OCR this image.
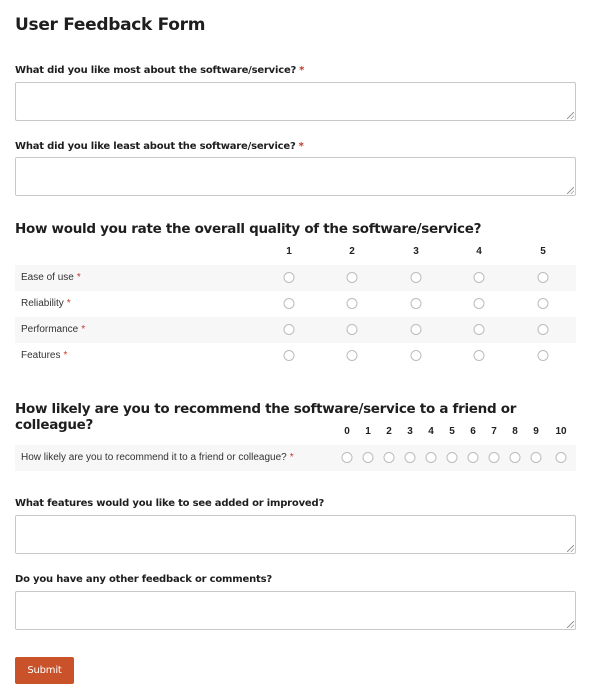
User Feedback Form
What did you like most about the software/service? *
What did you like least about the software/service? *
How would you rate the overall quality of the software/service?
1	2	3	4	5
Ease of use *
Reliability *
Performance *
Features *
How likely are you to recommend the software/service to a friend or colleague?	0 1 2 3 4 5 6 7 8 9 10
How likely are you to recommend it to a friend or colleague? *
What features would you like to see added or improved?
Do you have any other feedback or comments?
Submit
